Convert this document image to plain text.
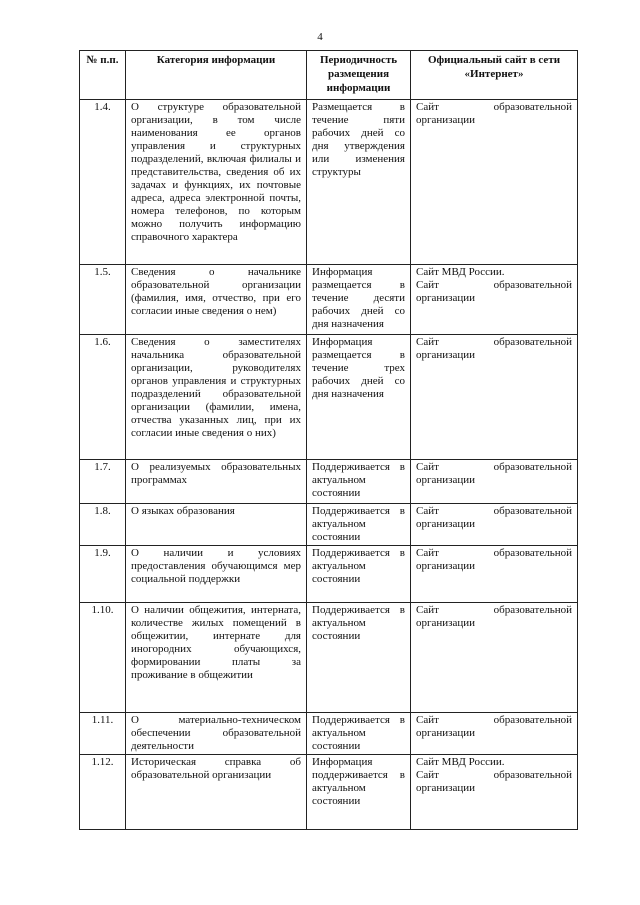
4
№ п.п.	Категория информации	Периодичность размещения информации	Официальный сайт в сети «Интернет»
1.4.	О структуре образовательной организации, в том числе наименования ее органов управления и структурных подразделений, включая филиалы и представительства, сведения об их задачах и функциях, их почтовые адреса, адреса электронной почты, номера телефонов, по которым можно получить информацию справочного характера	Размещается в течение пяти рабочих дней со дня утверждения или изменения структуры	Сайт образовательной организации

1.5.	Сведения о начальнике образовательной организации (фамилия, имя, отчество, при его согласии иные сведения о нем)	Информация размещается в течение десяти рабочих дней со дня назначения	Сайт МВД России.
Сайт образовательной организации

1.6.	Сведения о заместителях начальника образовательной организации, руководителях органов управления и структурных подразделений образовательной организации (фамилии, имена, отчества указанных лиц, при их согласии иные сведения о них)	Информация размещается в течение трех рабочих дней со дня назначения	Сайт образовательной организации

1.7.	О реализуемых образовательных программах	Поддерживается в актуальном состоянии	Сайт образовательной организации

1.8.	О языках образования	Поддерживается в актуальном состоянии	Сайт образовательной организации

1.9.	О наличии и условиях предоставления обучающимся мер социальной поддержки	Поддерживается в актуальном состоянии	Сайт образовательной организации

1.10.	О наличии общежития, интерната, количестве жилых помещений в общежитии, интернате для иногородних обучающихся, формировании платы за проживание в общежитии	Поддерживается в актуальном состоянии	Сайт образовательной организации

1.11.	О материально-техническом обеспечении образовательной деятельности	Поддерживается в актуальном состоянии	Сайт образовательной организации

1.12.	Историческая справка об образовательной организации	Информация поддерживается в актуальном состоянии	Сайт МВД России.
Сайт образовательной организации
